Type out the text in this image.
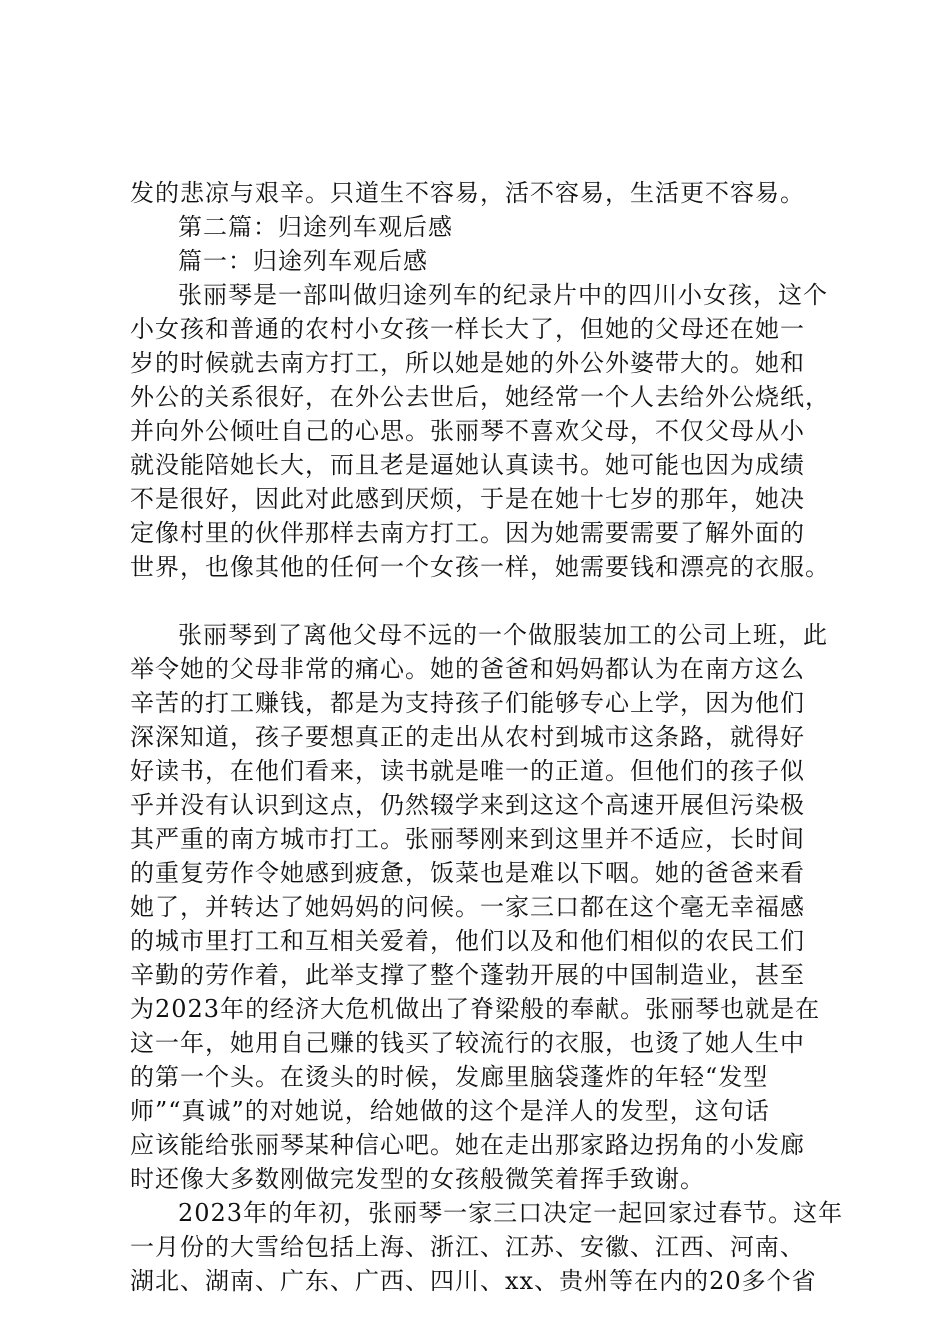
发的悲凉与艰辛。只道生不容易，活不容易，生活更不容易。
第二篇：归途列车观后感
篇一：归途列车观后感
张丽琴是一部叫做归途列车的纪录片中的四川小女孩，这个
小女孩和普通的农村小女孩一样长大了，但她的父母还在她一
岁的时候就去南方打工，所以她是她的外公外婆带大的。她和
外公的关系很好，在外公去世后，她经常一个人去给外公烧纸，
并向外公倾吐自己的心思。张丽琴不喜欢父母，不仅父母从小
就没能陪她长大，而且老是逼她认真读书。她可能也因为成绩
不是很好，因此对此感到厌烦，于是在她十七岁的那年，她决
定像村里的伙伴那样去南方打工。因为她需要需要了解外面的
世界，也像其他的任何一个女孩一样，她需要钱和漂亮的衣服。
张丽琴到了离他父母不远的一个做服装加工的公司上班，此
举令她的父母非常的痛心。她的爸爸和妈妈都认为在南方这么
辛苦的打工赚钱，都是为支持孩子们能够专心上学，因为他们
深深知道，孩子要想真正的走出从农村到城市这条路，就得好
好读书，在他们看来，读书就是唯一的正道。但他们的孩子似
乎并没有认识到这点，仍然辍学来到这这个高速开展但污染极
其严重的南方城市打工。张丽琴刚来到这里并不适应，长时间
的重复劳作令她感到疲惫，饭菜也是难以下咽。她的爸爸来看
她了，并转达了她妈妈的问候。一家三口都在这个毫无幸福感
的城市里打工和互相关爱着，他们以及和他们相似的农民工们
辛勤的劳作着，此举支撑了整个蓬勃开展的中国制造业，甚至
为2023年的经济大危机做出了脊梁般的奉献。张丽琴也就是在
这一年，她用自己赚的钱买了较流行的衣服，也烫了她人生中
的第一个头。在烫头的时候，发廊里脑袋蓬炸的年轻“发型
师”“真诚”的对她说，给她做的这个是洋人的发型，这句话
应该能给张丽琴某种信心吧。她在走出那家路边拐角的小发廊
时还像大多数刚做完发型的女孩般微笑着挥手致谢。
2023年的年初，张丽琴一家三口决定一起回家过春节。这年
一月份的大雪给包括上海、浙江、江苏、安徽、江西、河南、
湖北、湖南、广东、广西、四川、xx、贵州等在内的20多个省
